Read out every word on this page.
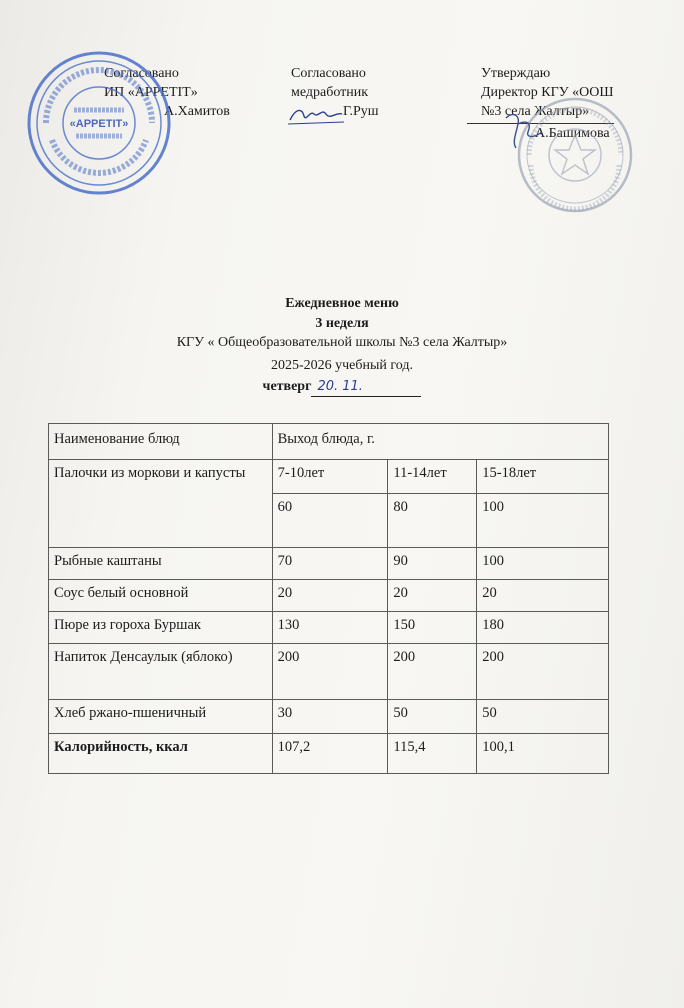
Согласовано
ИП «APPETIT»
А.Хамитов
Согласовано
медработник
Г.Руш
Утверждаю
Директор КГУ «ООШ
№3 села Жалтыр»
А.Башимова
«APPETIT»
Ежедневное меню
3 неделя
КГУ « Общеобразовательной школы №3 села Жалтыр»
2025-2026 учебный год.
четверг 20. 11.
Наименование блюд	Выход блюда, г.		
Палочки из моркови и капусты	7-10лет	11-14лет	15-18лет
	60	80	100
Рыбные каштаны	70	90	100
Соус белый основной	20	20	20
Пюре из гороха Буршак	130	150	180
Напиток Денсаулык (яблоко)	200	200	200
Хлеб ржано-пшеничный	30	50	50
Калорийность, ккал	107,2	115,4	100,1
